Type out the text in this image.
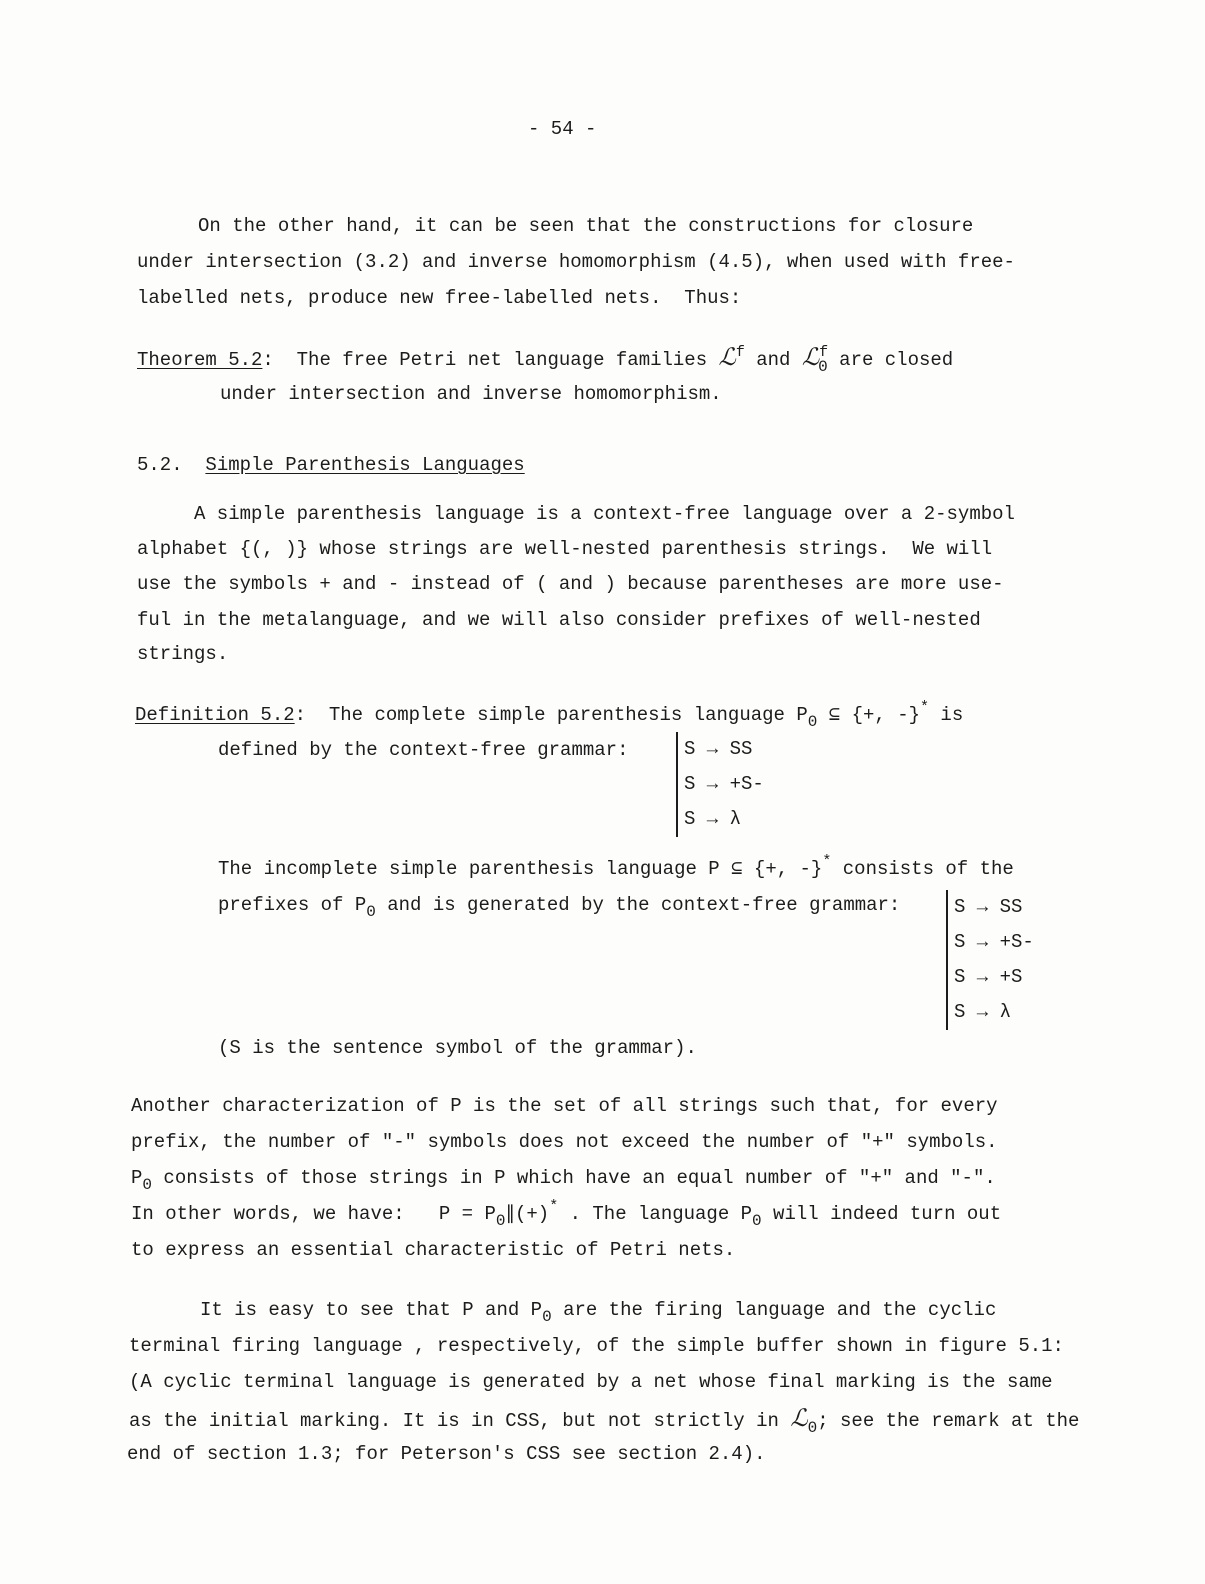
- 54 -
On the other hand, it can be seen that the constructions for closure
under intersection (3.2) and inverse homomorphism (4.5), when used with free-
labelled nets, produce new free-labelled nets.  Thus:
Theorem 5.2: The free Petri net language families ℒ$^f$ and ℒ$^f_0$ are closed
under intersection and inverse homomorphism.
5.2. Simple Parenthesis Languages
A simple parenthesis language is a context-free language over a 2-symbol
alphabet {(, )} whose strings are well-nested parenthesis strings.  We will
use the symbols + and - instead of ( and ) because parentheses are more use-
ful in the metalanguage, and we will also consider prefixes of well-nested
strings.
Definition 5.2: The complete simple parenthesis language $P_0$ ⊆ {+, -}* is
defined by the context-free grammar:	S → SS
S → +S-
S → λ
The incomplete simple parenthesis language P ⊆ {+, -}* consists of the
prefixes of $P_0$ and is generated by the context-free grammar:	S → SS
S → +S-
S → +S
S → λ
(S is the sentence symbol of the grammar).
Another characterization of P is the set of all strings such that, for every
prefix, the number of "-" symbols does not exceed the number of "+" symbols.
$P_0$ consists of those strings in P which have an equal number of "+" and "-".
In other words, we have:   $P = P_0\parallel(+)^*$ . The language $P_0$ will indeed turn out
to express an essential characteristic of Petri nets.
It is easy to see that P and $P_0$ are the firing language and the cyclic
terminal firing language , respectively, of the simple buffer shown in figure 5.1:
(A cyclic terminal language is generated by a net whose final marking is the same
as the initial marking. It is in CSS, but not strictly in ℒ$_0$; see the remark at the
end of section 1.3; for Peterson's CSS see section 2.4).
